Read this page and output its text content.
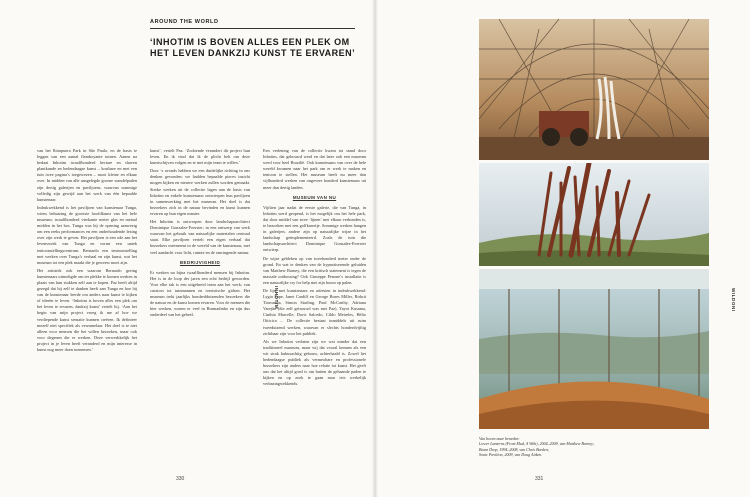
AROUND THE WORLD
‘INHOTIM IS BOVEN ALLES EEN PLEK OM
HET LEVEN DANKZIJ KUNST TE ERVAREN’

van het Ibirapuera Park in São Paulo, en de basis te leggen van een aantal flamboyante tuinen. Aanne na bedaat Inhotim twaalfhonderd hectare en shaven plantkunde en hedendaagse kunst – kostbare en met een tuin twee pagina’s toegewezen – mooi kleine en elkaar over. In midden van alle aangelegde groene wandelpaden zijn dertig galerijen en paviljoens, waarvan sommige volledig zijn gewijd aan het werk van één bepaalde kunstenaar.

Indrukwekkend is het paviljoen van kunstenaar Tunga, wiens behuizing de grootste hoofdkunst van het hele museum; twaalfhonderd vierkante meter glas en metaal midden in het bos. Tunga was bij de opening aanwezig om een reeks performances en een onderhoudende lezing over zijn werk te geven. Het paviljoen is een ode aan het levenswerk van Tunga en vormt een uniek tentoonstellingscentrum. Bernardo een tentoonstelling met werken over Tunga’s verhaal en zijn kunst, wat het museum tot een plek maakt die je geweest moet zijn.

Het artistiek ook een waarom Bernardo gering kunstenaars uitnodigde om ter plekke te komen werken in plaats van hun stukken zelf aan te kopen. Paz heeft altijd gezegd dat hij zelf te danken heeft aan Tunga en hoe hij van de kunstenaar leerde om anders naar kunst te kijken of ideeën te leven. ‘Inhotim is boven alles een plek om het leven te ervaren, dankzij kunst’ vertelt hij. ‘Aan het begin van mijn project vroeg ik me af hoe we verdiepende kunst sensatie kunnen creëren. Ik definieer mezelf niet specifiek als verzamelaar. Het doel is te niet alleen voor mensen die het willen bezoeken, maar ook voor degenen die er werken. Deze verwerkkelijk het project in je leven heeft veranderd en mijn interesse in kunst nog meer doen toenemen.’

kunst’, vertelt Paz. ‘Zodoende verandert dit project hun leven. En ik vind dat ik de plicht heb om deze kunstschijven volgen en te met mijn team te willen.’

Door ‘s avonds hebben we een duidelijke richting in ons denken gevonden: we hadden bepaalde pieces inzicht mogen kijken en nieuwe werken zullen worden gemaakt. Sterke werken uit de collectie lagen aan de basis van Inhotim en enkele kunstenaars ontwierpen hun paviljoen in samenwerking met het museum. Het doel is dat bezoekers zich in de natuur bevinden en kunst kunnen ervaren op hun eigen manier.

Het Inhotim is ontworpen door landschapsarchitect Dominique Gonzalez-Foerster; in een ontwerp van werk waarvan het gebruik van natuurlijke materialen centraal staat. Elke paviljoen vertelt een eigen verhaal dat bezoekers meeneemt in de wereld van de kunstenaar, met veel aandacht voor licht, ruimte en de omringende natuur.

BEDRIJVIGHEID

Er werken nu bijna twaalfhonderd mensen bij Inhotim. Het is in de loop der jaren een echt bedrijf geworden. Voor elke tak is een uitgebreid team aan het werk; van curators tot tuinmannen en toeristische gidsen. Het museum trekt jaarlijks honderdduizenden bezoekers die de natuur en de kunst komen ervaren. Voor de mensen die hier werken, wonen er veel in Brumadinho en zijn dus onderdeel van het geheel.

Een verlening van de collectie kwam tot stand door Inhotim, dat gebouwd werd en dat later ook een museum werd voor heel Brazilië. Ook kunstenaars van over de hele wereld kwamen naar het park om er werk te maken en tentoon te stellen. Het museum heeft nu meer dan vijfhonderd werken van ongeveer honderd kunstenaars uit meer dan dertig landen.

MUSEUM VAN NU

Vijftien jaar nadat de eerste galerie, die van Tunga, in Inhotim werd geopend, is het mogelijk om het hele park, dat door middel van twee ‘lijnen’ met elkaar verbonden is, te bezoeken met een golfkarretje. Sommige werken hangen in galerijen, andere zijn op natuurlijke wijze in het landschap geïmplementeerd. Zoals de tuin die landschapsarchitect Dominique Gonzalez-Foerster ontwierp.

De wijze gebleken op van tweehonderd meter onder de grond. En wat te denken van de hypnotiserende geluiden van Matthew Barney, die een kritisch statement is tegen de massale ontbossing? Ook Giuseppe Penone’s installatie is een natuurlijke cry for help met zijn boom op palen.

De lijst met kunstenaars en artiesten in indrukwekkend: Lygia Pape, Janet Cardiff en George Bures Miller, Rirkrit Tiravanija, Simon Starling, Paul McCarthy, Adriana Varejão (die zelf getrouwd was met Paz), Yayoi Kusama, Cinthia Marcelle, Doris Salcedo, Cildo Meireles, Hélio Oiticica ... De collectie bestaat inmiddels uit ruim tweeduizend werken, waarvan er slechts honderdvijftig zichtbaar zijn voor het publiek.

Als we Inhotim verlaten zijn we wat minder dat een traditioneel museum, maar wij dat vooral kennen als een wit strak kubusachtig gebouw, achterhaald is. Zowel het hedendaagse publiek als vernuwbare en professionele bezoekers zijn anders naar hoe relatie tot kunst. Het geeft ons dat het altijd goed is om buiten de gebaande paden te kijken en op zoek te gaan naar iets werkelijk verbazingwekkends.

INHOTIM
330
Van boven naar beneden:
Lower Lanterns (From Mud, A Wiki), 2004–2009, van Matthew Barney;
Beam Drop, 1994–2008, van Chris Burden;
Sonic Pavilion, 2009, van Doug Aitken.
WILDONI
331
